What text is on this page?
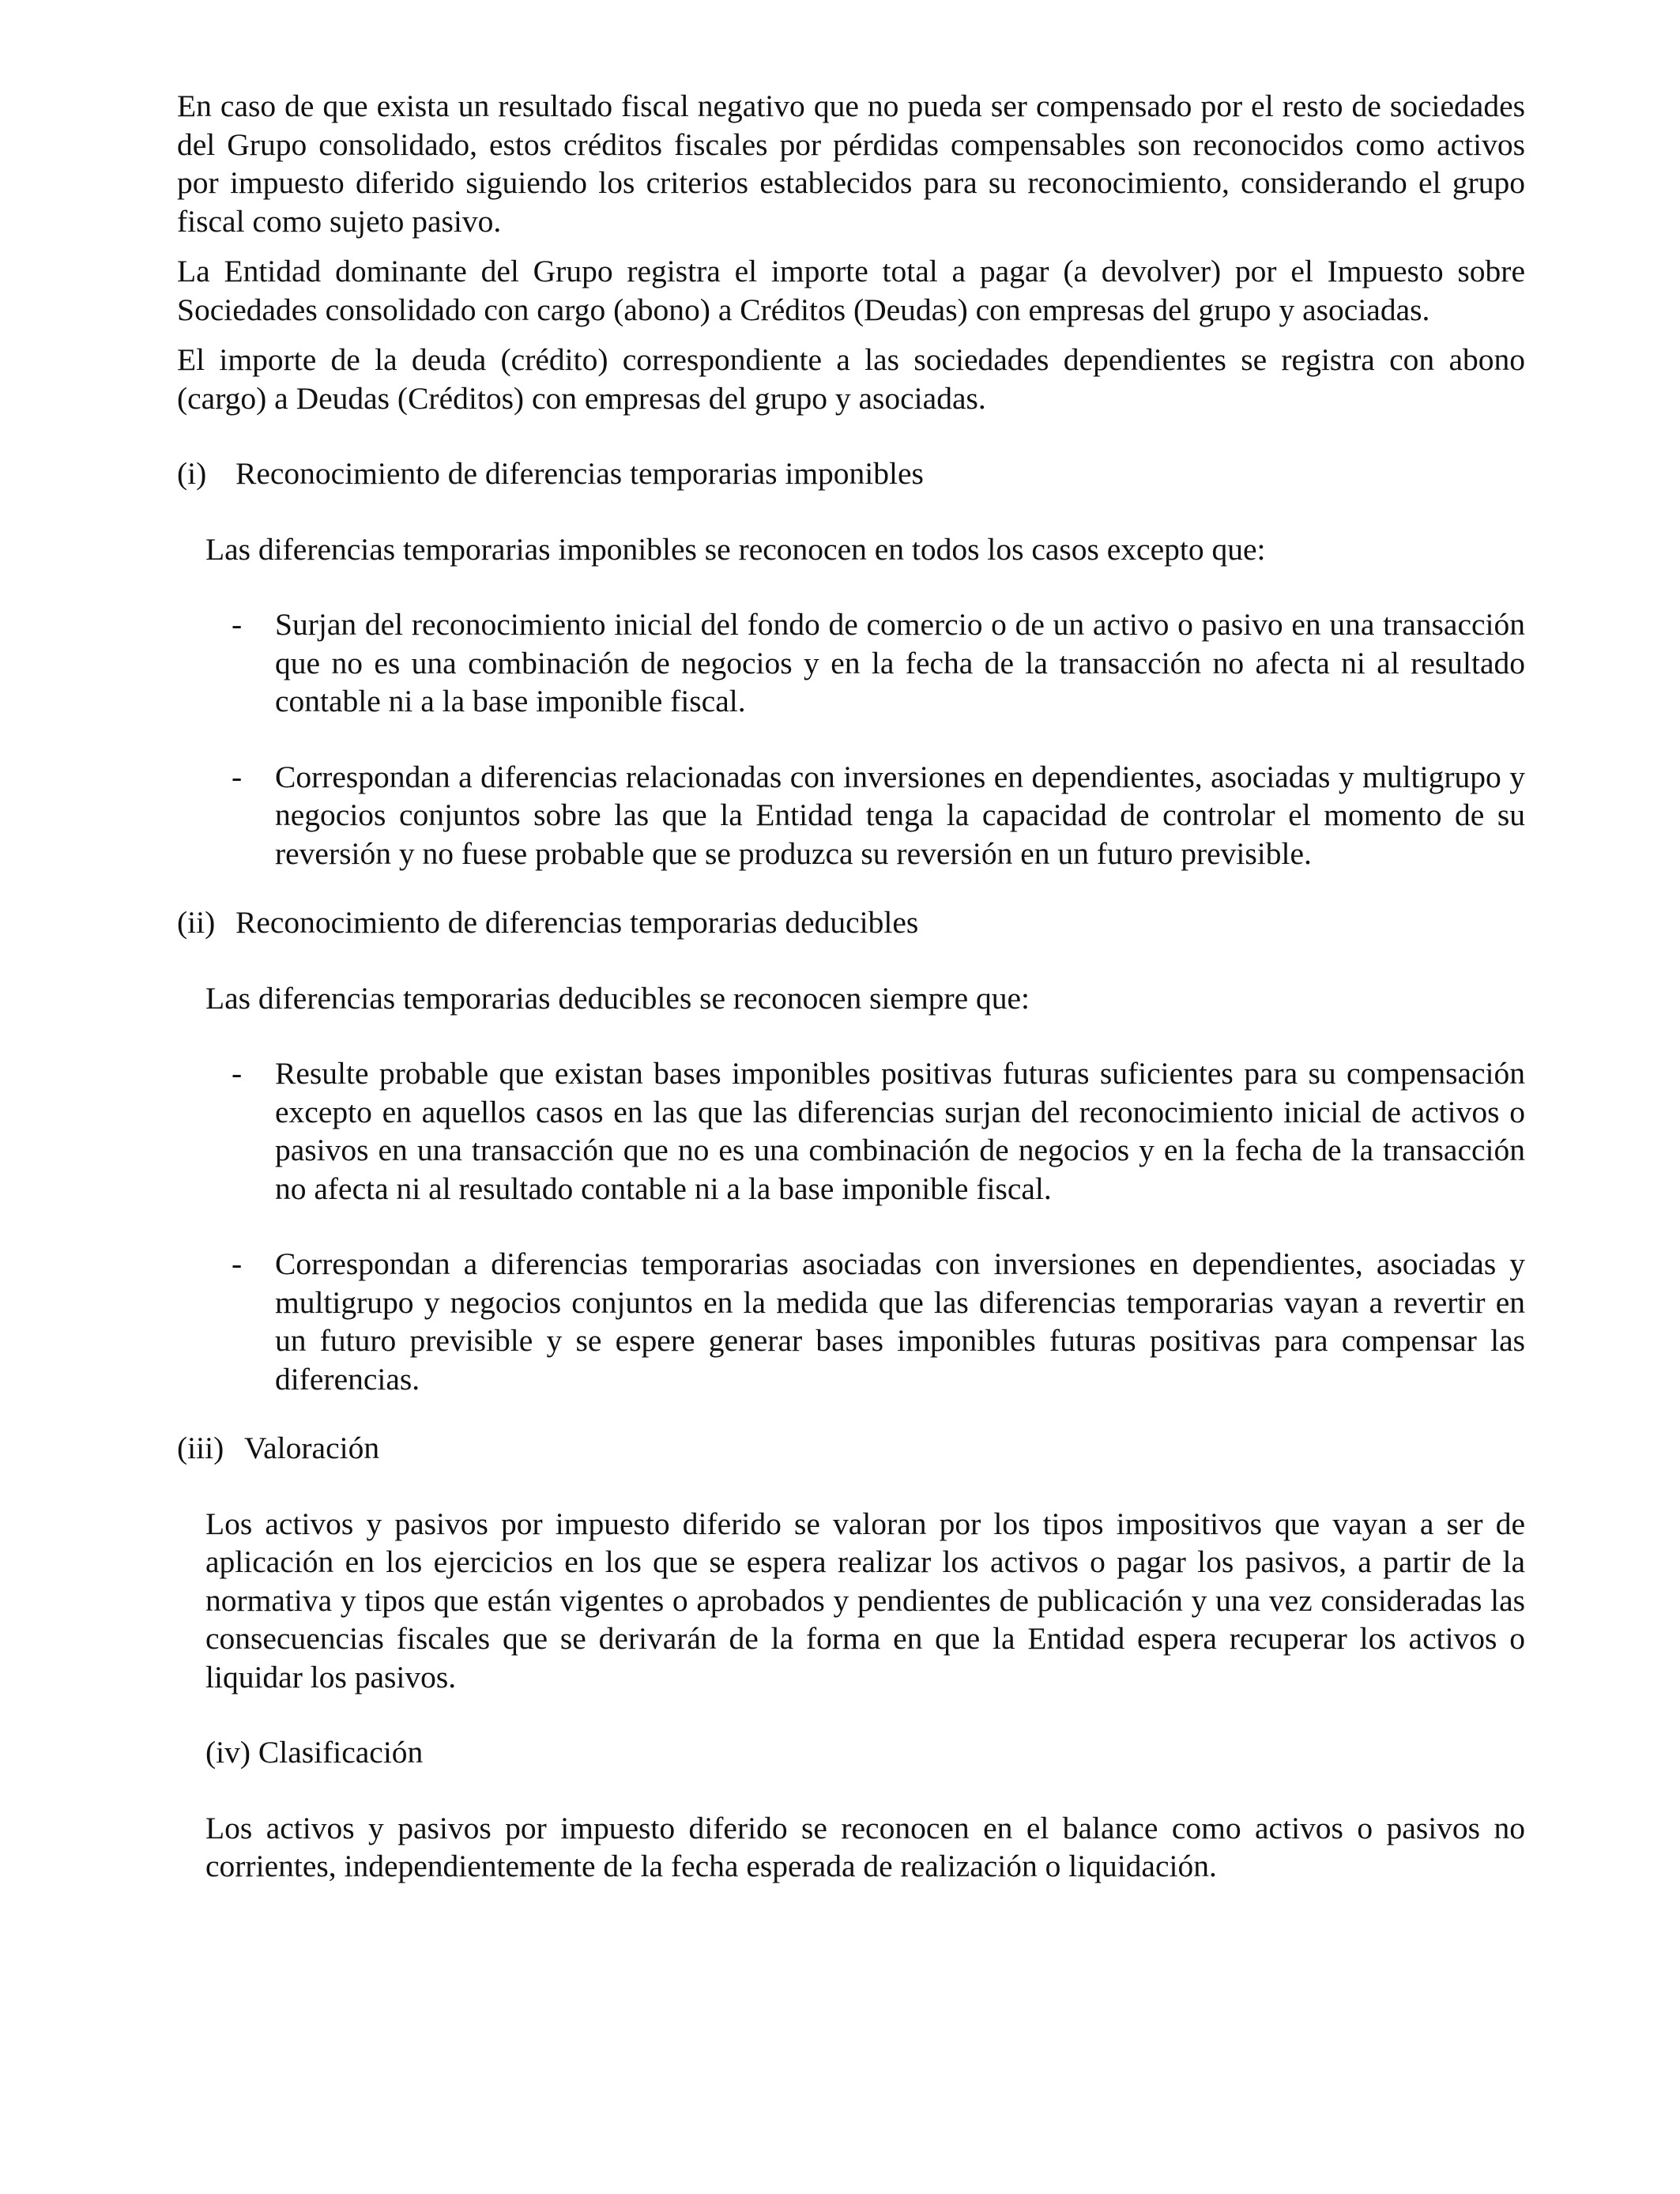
En caso de que exista un resultado fiscal negativo que no pueda ser compensado por el resto de sociedades del Grupo consolidado, estos créditos fiscales por pérdidas compensables son reconocidos como activos por impuesto diferido siguiendo los criterios establecidos para su reconocimiento, considerando el grupo fiscal como sujeto pasivo.

La Entidad dominante del Grupo registra el importe total a pagar (a devolver) por el Impuesto sobre Sociedades consolidado con cargo (abono) a Créditos (Deudas) con empresas del grupo y asociadas.

El importe de la deuda (crédito) correspondiente a las sociedades dependientes se registra con abono (cargo) a Deudas (Créditos) con empresas del grupo y asociadas.

(i) Reconocimiento de diferencias temporarias imponibles

Las diferencias temporarias imponibles se reconocen en todos los casos excepto que:

- Surjan del reconocimiento inicial del fondo de comercio o de un activo o pasivo en una transacción que no es una combinación de negocios y en la fecha de la transacción no afecta ni al resultado contable ni a la base imponible fiscal.

- Correspondan a diferencias relacionadas con inversiones en dependientes, asociadas y multigrupo y negocios conjuntos sobre las que la Entidad tenga la capacidad de controlar el momento de su reversión y no fuese probable que se produzca su reversión en un futuro previsible.

(ii) Reconocimiento de diferencias temporarias deducibles

Las diferencias temporarias deducibles se reconocen siempre que:

- Resulte probable que existan bases imponibles positivas futuras suficientes para su compensación excepto en aquellos casos en las que las diferencias surjan del reconocimiento inicial de activos o pasivos en una transacción que no es una combinación de negocios y en la fecha de la transacción no afecta ni al resultado contable ni a la base imponible fiscal.

- Correspondan a diferencias temporarias asociadas con inversiones en dependientes, asociadas y multigrupo y negocios conjuntos en la medida que las diferencias temporarias vayan a revertir en un futuro previsible y se espere generar bases imponibles futuras positivas para compensar las diferencias.

(iii) Valoración

Los activos y pasivos por impuesto diferido se valoran por los tipos impositivos que vayan a ser de aplicación en los ejercicios en los que se espera realizar los activos o pagar los pasivos, a partir de la normativa y tipos que están vigentes o aprobados y pendientes de publicación y una vez consideradas las consecuencias fiscales que se derivarán de la forma en que la Entidad espera recuperar los activos o liquidar los pasivos.

(iv) Clasificación

Los activos y pasivos por impuesto diferido se reconocen en el balance como activos o pasivos no corrientes, independientemente de la fecha esperada de realización o liquidación.
